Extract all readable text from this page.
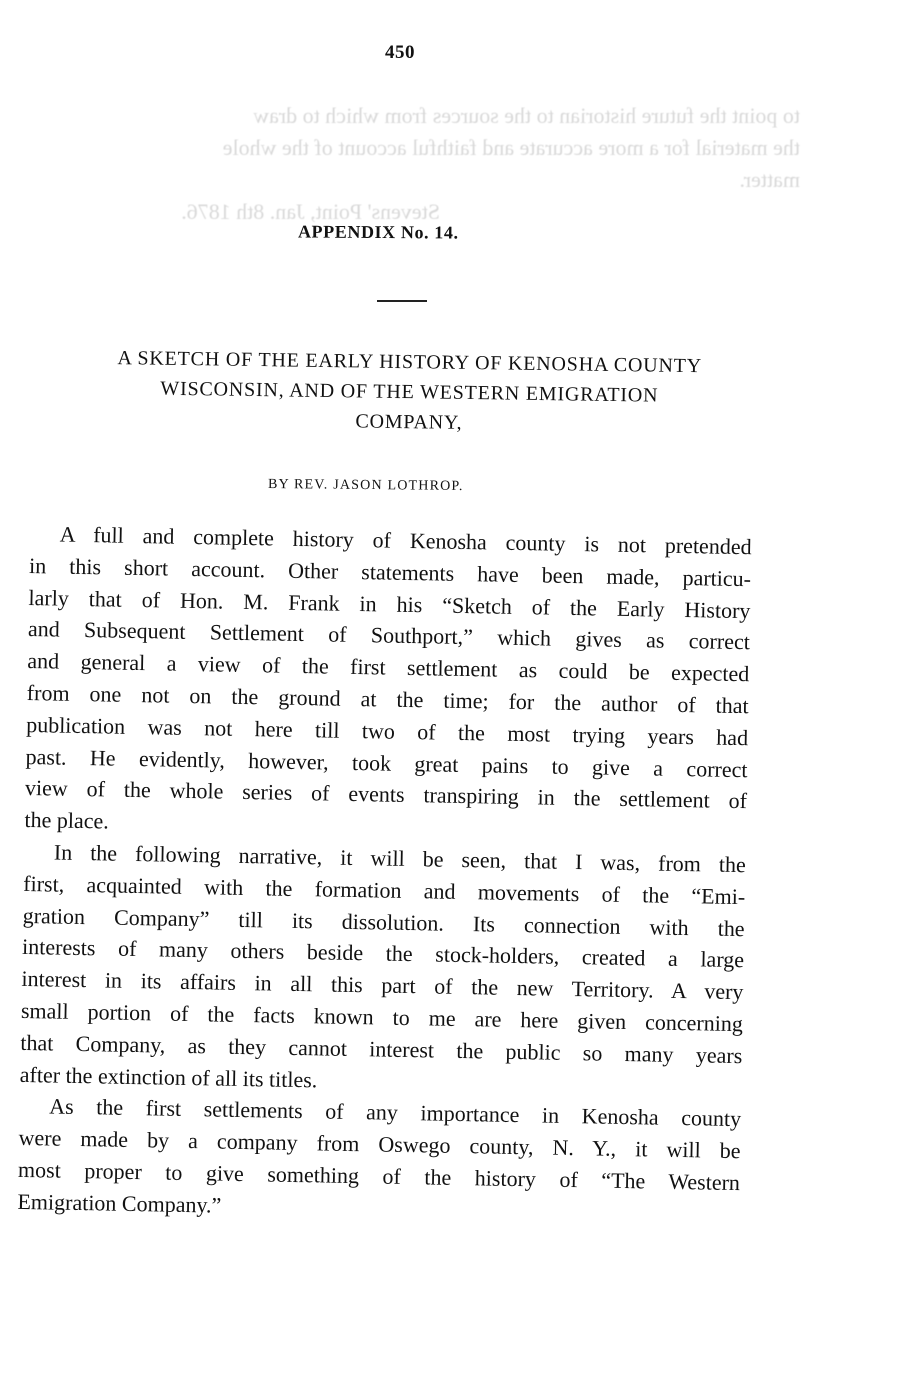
450
to point the future historian to the sources from which to draw
the material for a more accurate and faithful account of the whole
matter.
Stevens' Point, Jan. 8th 1876.
APPENDIX No. 14.
A SKETCH OF THE EARLY HISTORY OF KENOSHA COUNTY
WISCONSIN, AND OF THE WESTERN EMIGRATION
COMPANY,
BY REV. JASON LOTHROP.
A full and complete history of Kenosha county is not pretended
in this short account. Other statements have been made, particu-
larly that of Hon. M. Frank in his “Sketch of the Early History
and Subsequent Settlement of Southport,” which gives as correct
and general a view of the first settlement as could be expected
from one not on the ground at the time; for the author of that
publication was not here till two of the most trying years had
past. He evidently, however, took great pains to give a correct
view of the whole series of events transpiring in the settlement of
the place.
In the following narrative, it will be seen, that I was, from the
first, acquainted with the formation and movements of the “Emi-
gration Company” till its dissolution. Its connection with the
interests of many others beside the stock-holders, created a large
interest in its affairs in all this part of the new Territory. A very
small portion of the facts known to me are here given concerning
that Company, as they cannot interest the public so many years
after the extinction of all its titles.
As the first settlements of any importance in Kenosha county
were made by a company from Oswego county, N. Y., it will be
most proper to give something of the history of “The Western
Emigration Company.”
